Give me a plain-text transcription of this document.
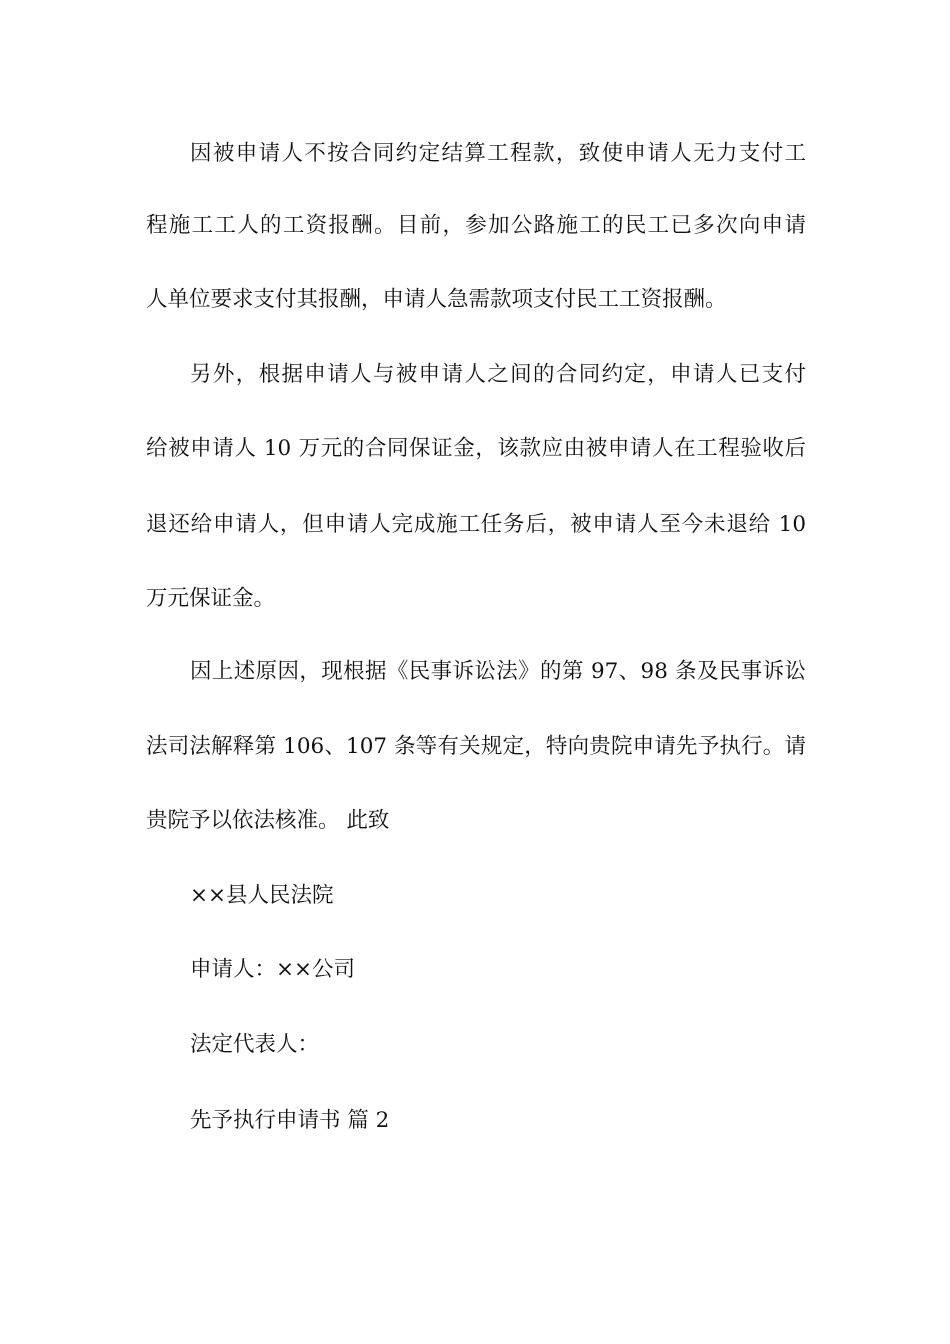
因被申请人不按合同约定结算工程款，致使申请人无力支付工

程施工工人的工资报酬。目前，参加公路施工的民工已多次向申请

人单位要求支付其报酬，申请人急需款项支付民工工资报酬。

另外，根据申请人与被申请人之间的合同约定，申请人已支付

给被申请人 10 万元的合同保证金，该款应由被申请人在工程验收后

退还给申请人，但申请人完成施工任务后，被申请人至今未退给 10

万元保证金。

因上述原因，现根据《民事诉讼法》的第 97、98 条及民事诉讼

法司法解释第 106、107 条等有关规定，特向贵院申请先予执行。请

贵院予以依法核准。 此致

××县人民法院

申请人：××公司

法定代表人：

先予执行申请书 篇 2
